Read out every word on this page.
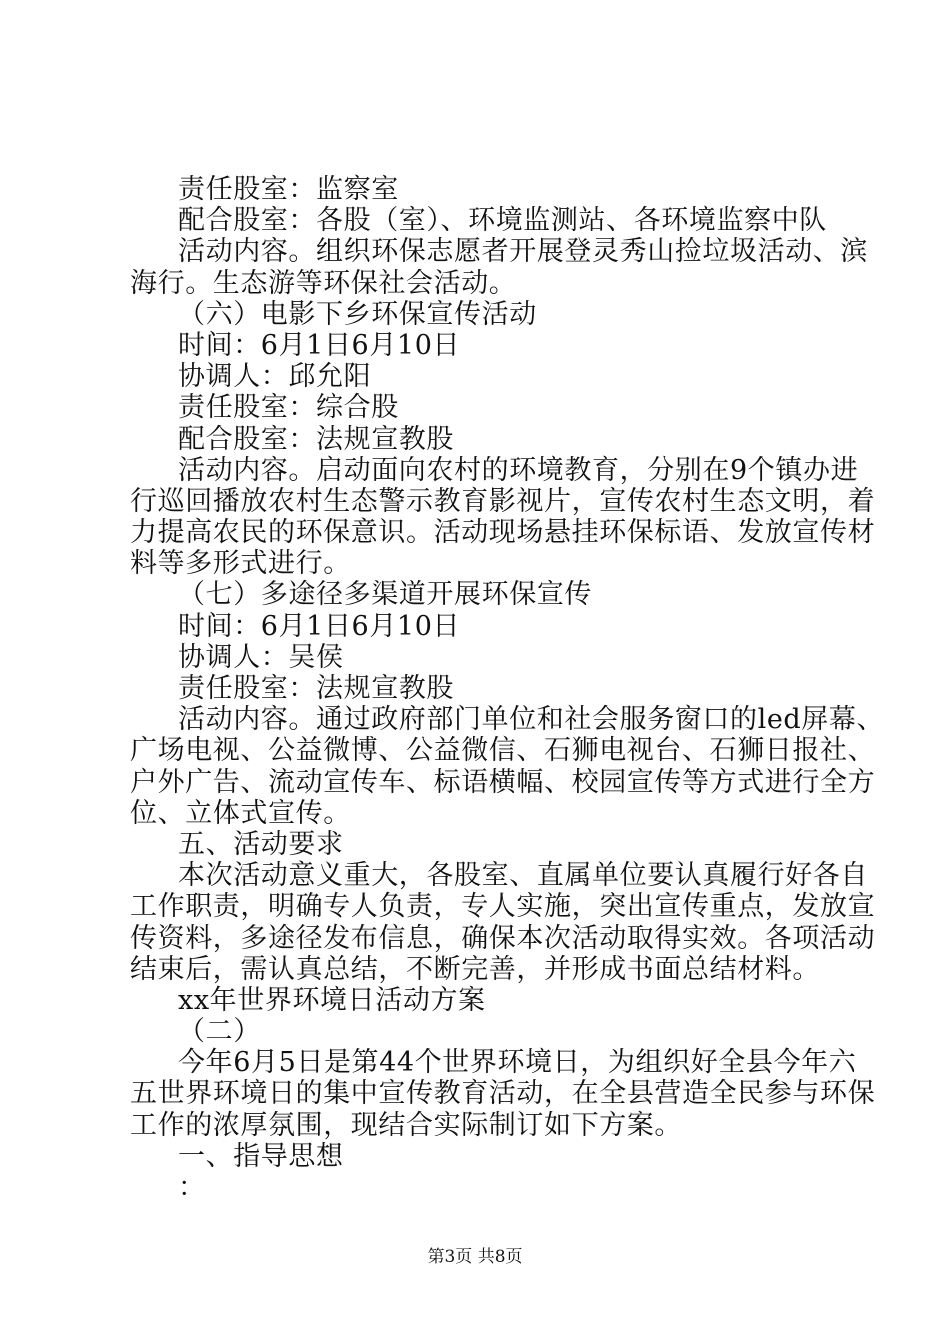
责任股室：监察室
配合股室：各股（室）、环境监测站、各环境监察中队
活动内容。组织环保志愿者开展登灵秀山捡垃圾活动、滨
海行。生态游等环保社会活动。
（六）电影下乡环保宣传活动
时间：6月1日6月10日
协调人：邱允阳
责任股室：综合股
配合股室：法规宣教股
活动内容。启动面向农村的环境教育，分别在9个镇办进
行巡回播放农村生态警示教育影视片，宣传农村生态文明，着
力提高农民的环保意识。活动现场悬挂环保标语、发放宣传材
料等多形式进行。
（七）多途径多渠道开展环保宣传
时间：6月1日6月10日
协调人：吴侯
责任股室：法规宣教股
活动内容。通过政府部门单位和社会服务窗口的led屏幕、
广场电视、公益微博、公益微信、石狮电视台、石狮日报社、
户外广告、流动宣传车、标语横幅、校园宣传等方式进行全方
位、立体式宣传。
五、活动要求
本次活动意义重大，各股室、直属单位要认真履行好各自
工作职责，明确专人负责，专人实施，突出宣传重点，发放宣
传资料，多途径发布信息，确保本次活动取得实效。各项活动
结束后，需认真总结，不断完善，并形成书面总结材料。
xx年世界环境日活动方案
（二）
今年6月5日是第44个世界环境日，为组织好全县今年六
五世界环境日的集中宣传教育活动，在全县营造全民参与环保
工作的浓厚氛围，现结合实际制订如下方案。
一、指导思想
：
第3页 共8页
